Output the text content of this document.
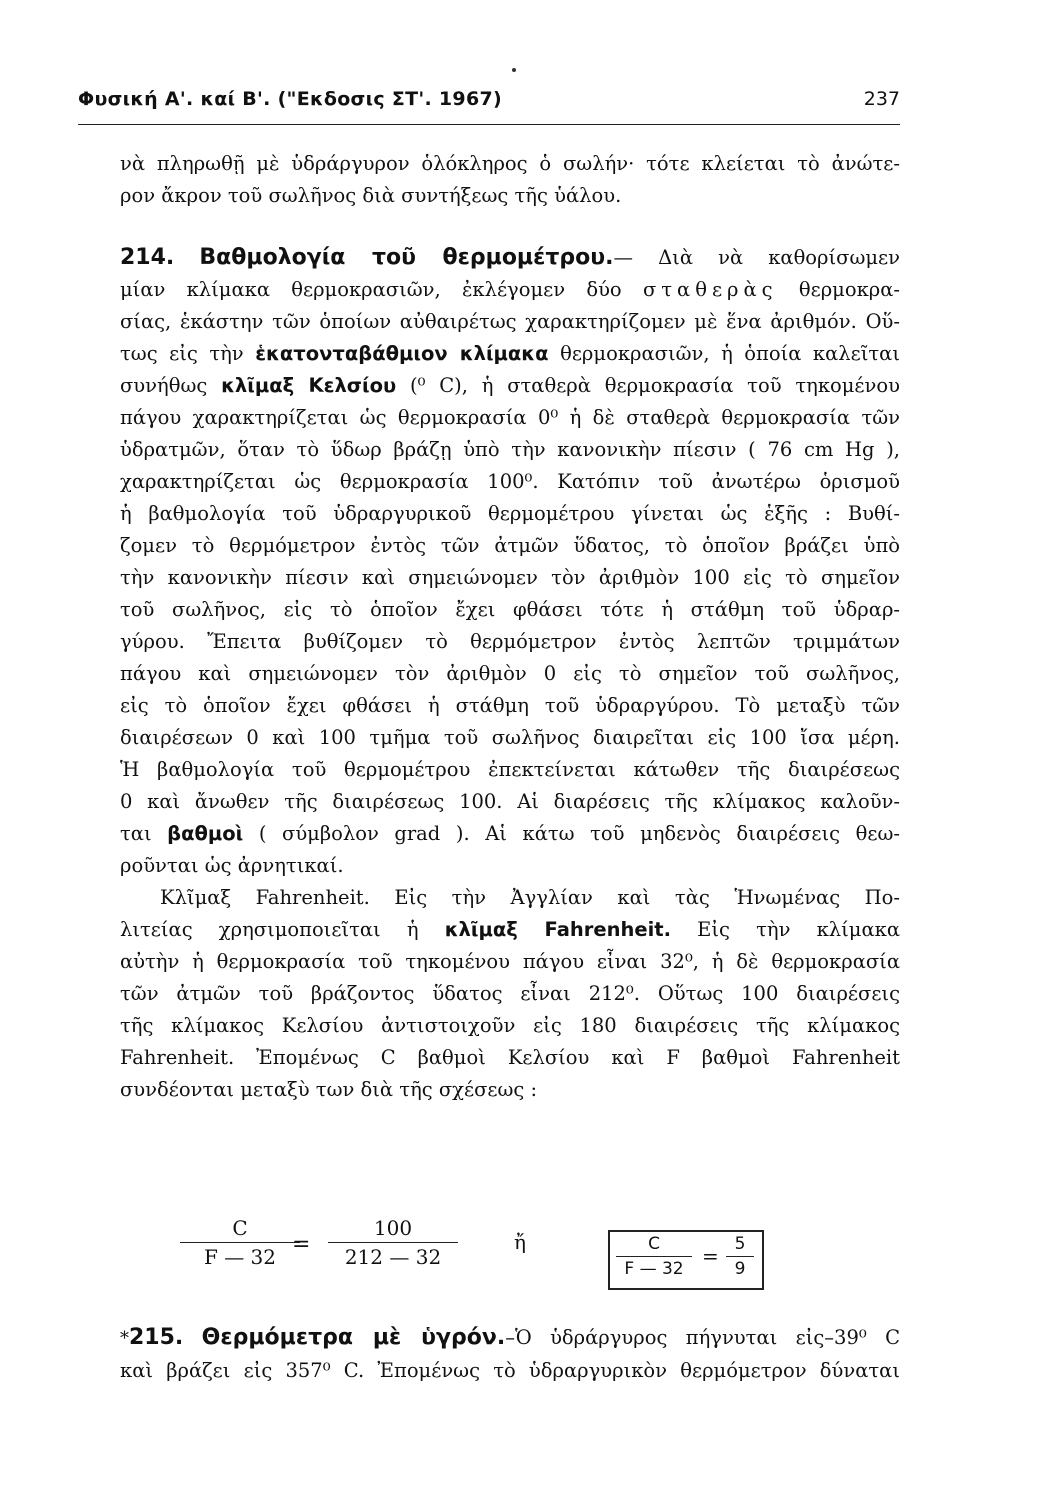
Φυσική Α'. καί Β'. ("Εκδοσις ΣΤ'. 1967)	237
νὰ πληρωθῇ μὲ ὑδράργυρον ὁλόκληρος ὁ σωλήν· τότε κλείεται τὸ ἀνώτε-
ρον ἄκρον τοῦ σωλῆνος διὰ συντήξεως τῆς ὑάλου.
214. Βαθμολογία τοῦ θερμομέτρου.— Διὰ νὰ καθορίσωμεν
μίαν κλίμακα θερμοκρασιῶν, ἐκλέγομεν δύο σταθερὰς θερμοκρα-
σίας, ἑκάστην τῶν ὁποίων αὐθαιρέτως χαρακτηρίζομεν μὲ ἕνα ἀριθμόν. Οὕ-
τως εἰς τὴν ἑκατονταβάθμιον κλίμακα θερμοκρασιῶν, ἡ ὁποία καλεῖται
συνήθως κλῖμαξ Κελσίου (⁰ C), ἡ σταθερὰ θερμοκρασία τοῦ τηκομένου
πάγου χαρακτηρίζεται ὡς θερμοκρασία 0⁰ ἡ δὲ σταθερὰ θερμοκρασία τῶν
ὑδρατμῶν, ὅταν τὸ ὕδωρ βράζῃ ὑπὸ τὴν κανονικὴν πίεσιν ( 76 cm Hg ),
χαρακτηρίζεται ὡς θερμοκρασία 100⁰. Κατόπιν τοῦ ἀνωτέρω ὁρισμοῦ
ἡ βαθμολογία τοῦ ὑδραργυρικοῦ θερμομέτρου γίνεται ὡς ἑξῆς : Βυθί-
ζομεν τὸ θερμόμετρον ἐντὸς τῶν ἀτμῶν ὕδατος, τὸ ὁποῖον βράζει ὑπὸ
τὴν κανονικὴν πίεσιν καὶ σημειώνομεν τὸν ἀριθμὸν 100 εἰς τὸ σημεῖον
τοῦ σωλῆνος, εἰς τὸ ὁποῖον ἔχει φθάσει τότε ἡ στάθμη τοῦ ὑδραρ-
γύρου. Ἔπειτα βυθίζομεν τὸ θερμόμετρον ἐντὸς λεπτῶν τριμμάτων
πάγου καὶ σημειώνομεν τὸν ἀριθμὸν 0 εἰς τὸ σημεῖον τοῦ σωλῆνος,
εἰς τὸ ὁποῖον ἔχει φθάσει ἡ στάθμη τοῦ ὑδραργύρου. Τὸ μεταξὺ τῶν
διαιρέσεων 0 καὶ 100 τμῆμα τοῦ σωλῆνος διαιρεῖται εἰς 100 ἴσα μέρη.
Ἡ βαθμολογία τοῦ θερμομέτρου ἐπεκτείνεται κάτωθεν τῆς διαιρέσεως
0 καὶ ἄνωθεν τῆς διαιρέσεως 100. Αἱ διαρέσεις τῆς κλίμακος καλοῦν-
ται βαθμοὶ ( σύμβολον grad ). Αἱ κάτω τοῦ μηδενὸς διαιρέσεις θεω-
ροῦνται ὡς ἀρνητικαί.
Κλῖμαξ Fahrenheit. Εἰς τὴν Ἀγγλίαν καὶ τὰς Ἡνωμένας Πο-
λιτείας χρησιμοποιεῖται ἡ κλῖμαξ Fahrenheit. Εἰς τὴν κλίμακα
αὐτὴν ἡ θερμοκρασία τοῦ τηκομένου πάγου εἶναι 32⁰, ἡ δὲ θερμοκρασία
τῶν ἀτμῶν τοῦ βράζοντος ὕδατος εἶναι 212⁰. Οὕτως 100 διαιρέσεις
τῆς κλίμακος Κελσίου ἀντιστοιχοῦν εἰς 180 διαιρέσεις τῆς κλίμακος
Fahrenheit. Ἐπομένως C βαθμοὶ Κελσίου καὶ F βαθμοὶ Fahrenheit
συνδέονται μεταξὺ των διὰ τῆς σχέσεως :
$\frac{C}{F — 32}$
= $\frac{100}{212 — 32}$	ἤ	$\frac{C}{F — 32} = \frac{5}{9}$
*215. Θερμόμετρα μὲ ὑγρόν.–Ὁ ὑδράργυρος πήγνυται εἰς–39⁰ C
καὶ βράζει εἰς 357⁰ C. Ἐπομένως τὸ ὑδραργυρικὸν θερμόμετρον δύναται
